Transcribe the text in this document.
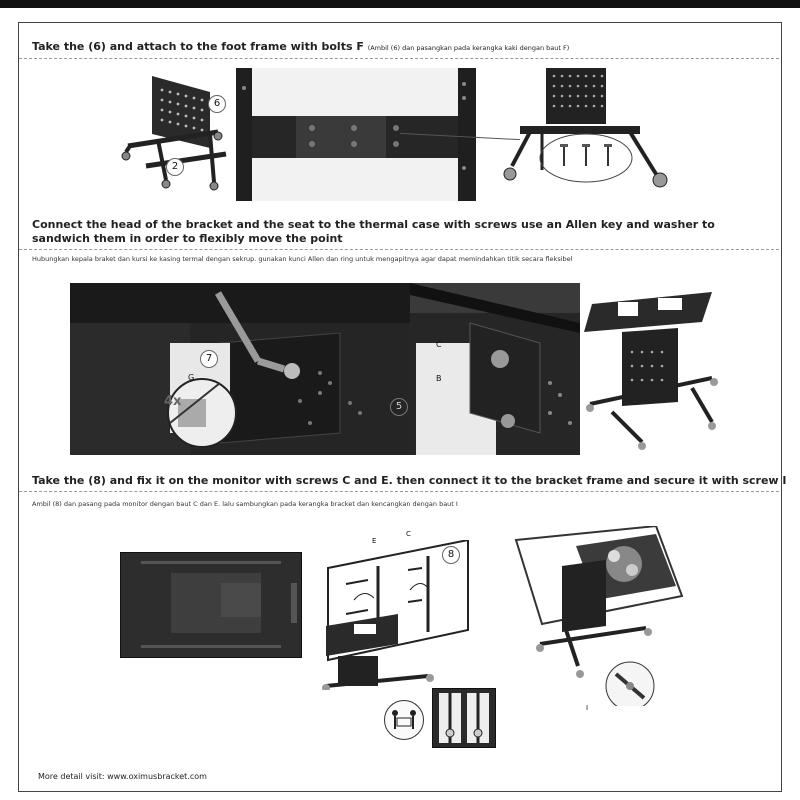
Take the (6) and attach to the foot frame with bolts F (Ambil (6) dan pasangkan pada kerangka kaki dengan baut F)
6
2
Connect the head of the bracket and the seat to the thermal case with screws use an Allen key and washer to sandwich them in order to flexibly move the point
Hubungkan kepala braket dan kursi ke kasing termal dengan sekrup. gunakan kunci Allen dan ring untuk mengapitnya agar dapat memindahkan titik secara fleksibel
7
G
4x	5
C
B
Take the (8) and fix it on the monitor with screws C and E. then connect it to the bracket frame and secure it with screw I
Ambil (8) dan pasang pada monitor dengan baut C dan E. lalu sambungkan pada kerangka bracket dan kencangkan dengan baut I
E
C
8
I
More detail visit: www.oximusbracket.com
